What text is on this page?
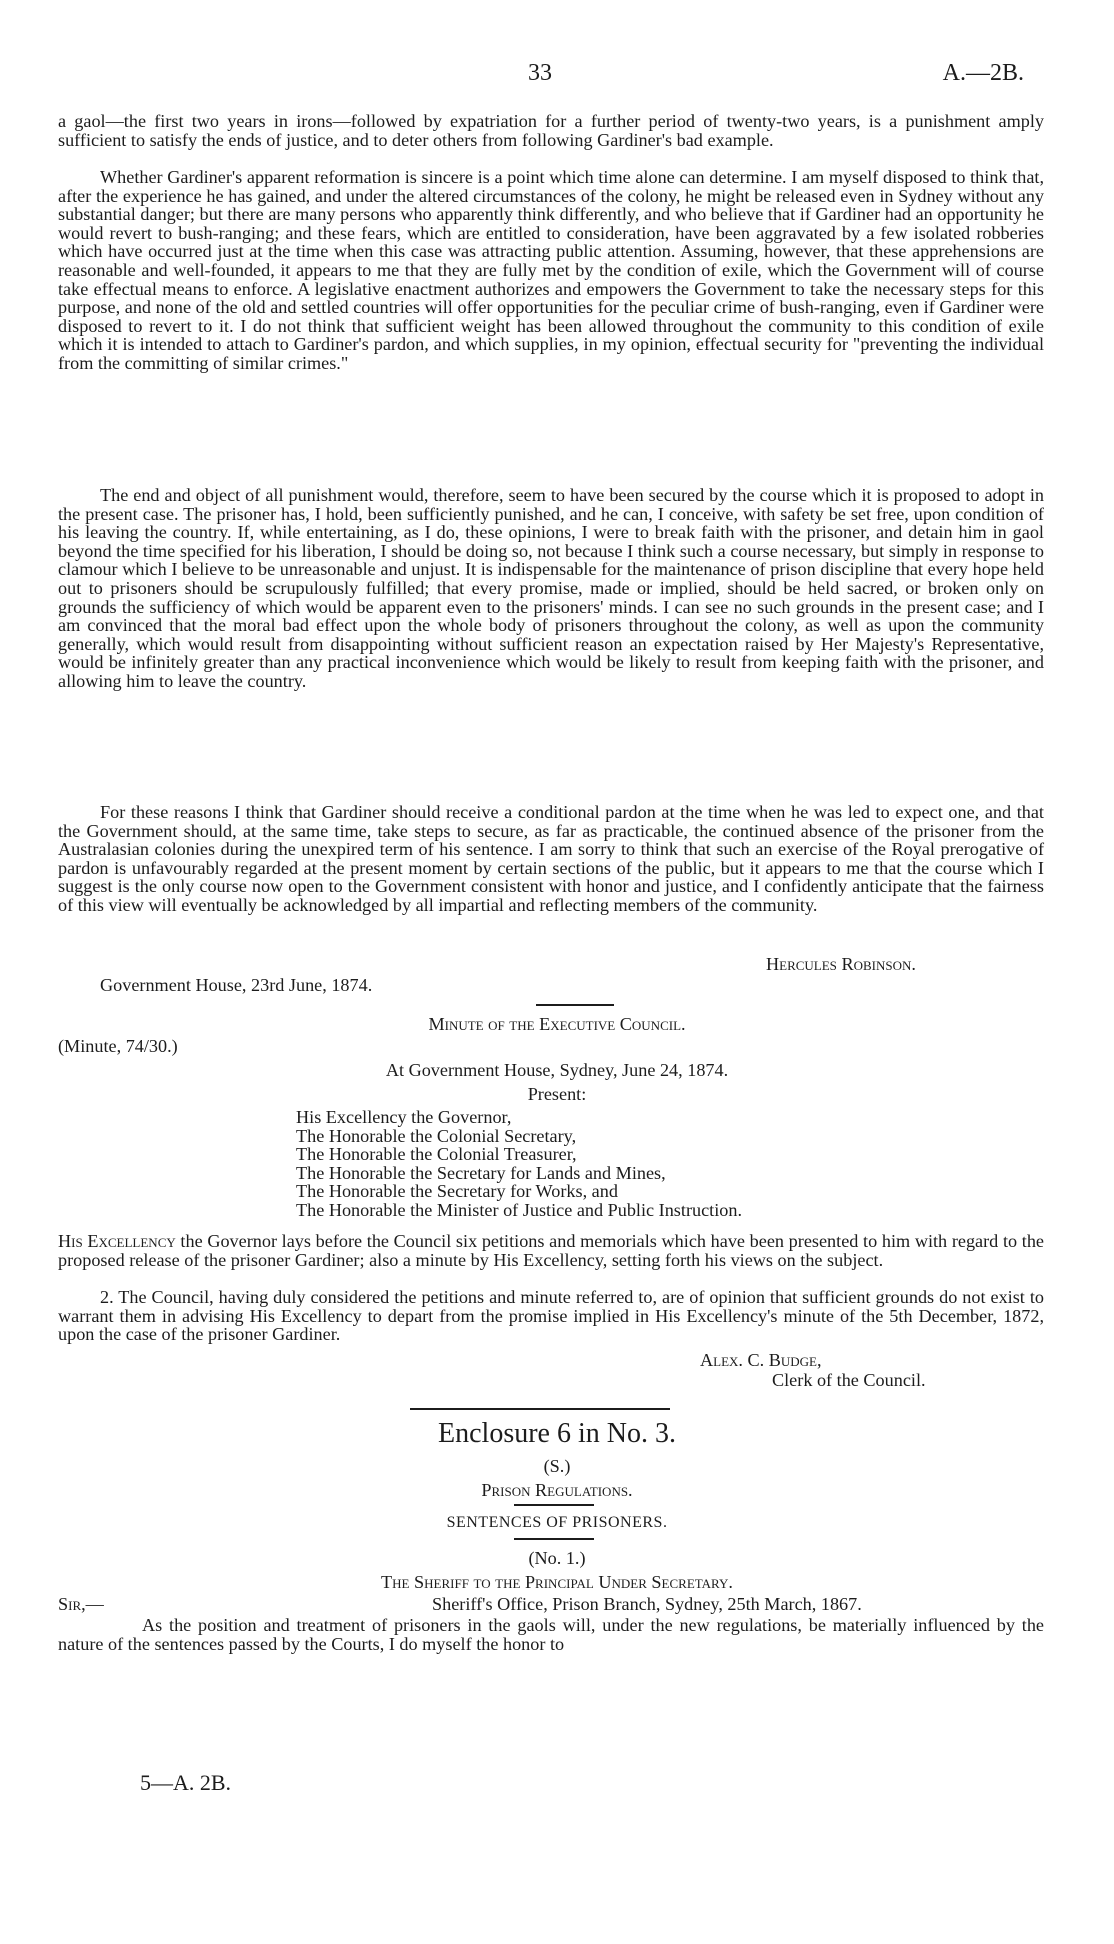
33	A.—2B.

a gaol—the first two years in irons—followed by expatriation for a further period of twenty-two years, is a punishment amply sufficient to satisfy the ends of justice, and to deter others from following Gardiner's bad example.

Whether Gardiner's apparent reformation is sincere is a point which time alone can determine. I am myself disposed to think that, after the experience he has gained, and under the altered circumstances of the colony, he might be released even in Sydney without any substantial danger; but there are many persons who apparently think differently, and who believe that if Gardiner had an opportunity he would revert to bush-ranging; and these fears, which are entitled to consideration, have been aggravated by a few isolated robberies which have occurred just at the time when this case was attracting public attention. Assuming, however, that these apprehensions are reasonable and well-founded, it appears to me that they are fully met by the condition of exile, which the Government will of course take effectual means to enforce. A legislative enactment authorizes and empowers the Government to take the necessary steps for this purpose, and none of the old and settled countries will offer opportunities for the peculiar crime of bush-ranging, even if Gardiner were disposed to revert to it. I do not think that sufficient weight has been allowed throughout the community to this condition of exile which it is intended to attach to Gardiner's pardon, and which supplies, in my opinion, effectual security for "preventing the individual from the committing of similar crimes."

The end and object of all punishment would, therefore, seem to have been secured by the course which it is proposed to adopt in the present case. The prisoner has, I hold, been sufficiently punished, and he can, I conceive, with safety be set free, upon condition of his leaving the country. If, while entertaining, as I do, these opinions, I were to break faith with the prisoner, and detain him in gaol beyond the time specified for his liberation, I should be doing so, not because I think such a course necessary, but simply in response to clamour which I believe to be unreasonable and unjust. It is indispensable for the maintenance of prison discipline that every hope held out to prisoners should be scrupulously fulfilled; that every promise, made or implied, should be held sacred, or broken only on grounds the sufficiency of which would be apparent even to the prisoners' minds. I can see no such grounds in the present case; and I am convinced that the moral bad effect upon the whole body of prisoners throughout the colony, as well as upon the community generally, which would result from disappointing without sufficient reason an expectation raised by Her Majesty's Representative, would be infinitely greater than any practical inconvenience which would be likely to result from keeping faith with the prisoner, and allowing him to leave the country.

For these reasons I think that Gardiner should receive a conditional pardon at the time when he was led to expect one, and that the Government should, at the same time, take steps to secure, as far as practicable, the continued absence of the prisoner from the Australasian colonies during the unexpired term of his sentence. I am sorry to think that such an exercise of the Royal prerogative of pardon is unfavourably regarded at the present moment by certain sections of the public, but it appears to me that the course which I suggest is the only course now open to the Government consistent with honor and justice, and I confidently anticipate that the fairness of this view will eventually be acknowledged by all impartial and reflecting members of the community.

Hercules Robinson.
Government House, 23rd June, 1874.
Minute of the Executive Council.
(Minute, 74/30.)
At Government House, Sydney, June 24, 1874.
Present:
His Excellency the Governor,
The Honorable the Colonial Secretary,
The Honorable the Colonial Treasurer,
The Honorable the Secretary for Lands and Mines,
The Honorable the Secretary for Works, and
The Honorable the Minister of Justice and Public Instruction.

His Excellency the Governor lays before the Council six petitions and memorials which have been presented to him with regard to the proposed release of the prisoner Gardiner; also a minute by His Excellency, setting forth his views on the subject.

2. The Council, having duly considered the petitions and minute referred to, are of opinion that sufficient grounds do not exist to warrant them in advising His Excellency to depart from the promise implied in His Excellency's minute of the 5th December, 1872, upon the case of the prisoner Gardiner.

Alex. C. Budge,
Clerk of the Council.
Enclosure 6 in No. 3.
(S.)
Prison Regulations.
SENTENCES OF PRISONERS.
(No. 1.)
The Sheriff to the Principal Under Secretary.
Sir,—	Sheriff's Office, Prison Branch, Sydney, 25th March, 1867.

As the position and treatment of prisoners in the gaols will, under the new regulations, be materially influenced by the nature of the sentences passed by the Courts, I do myself the honor to

5—A. 2B.
